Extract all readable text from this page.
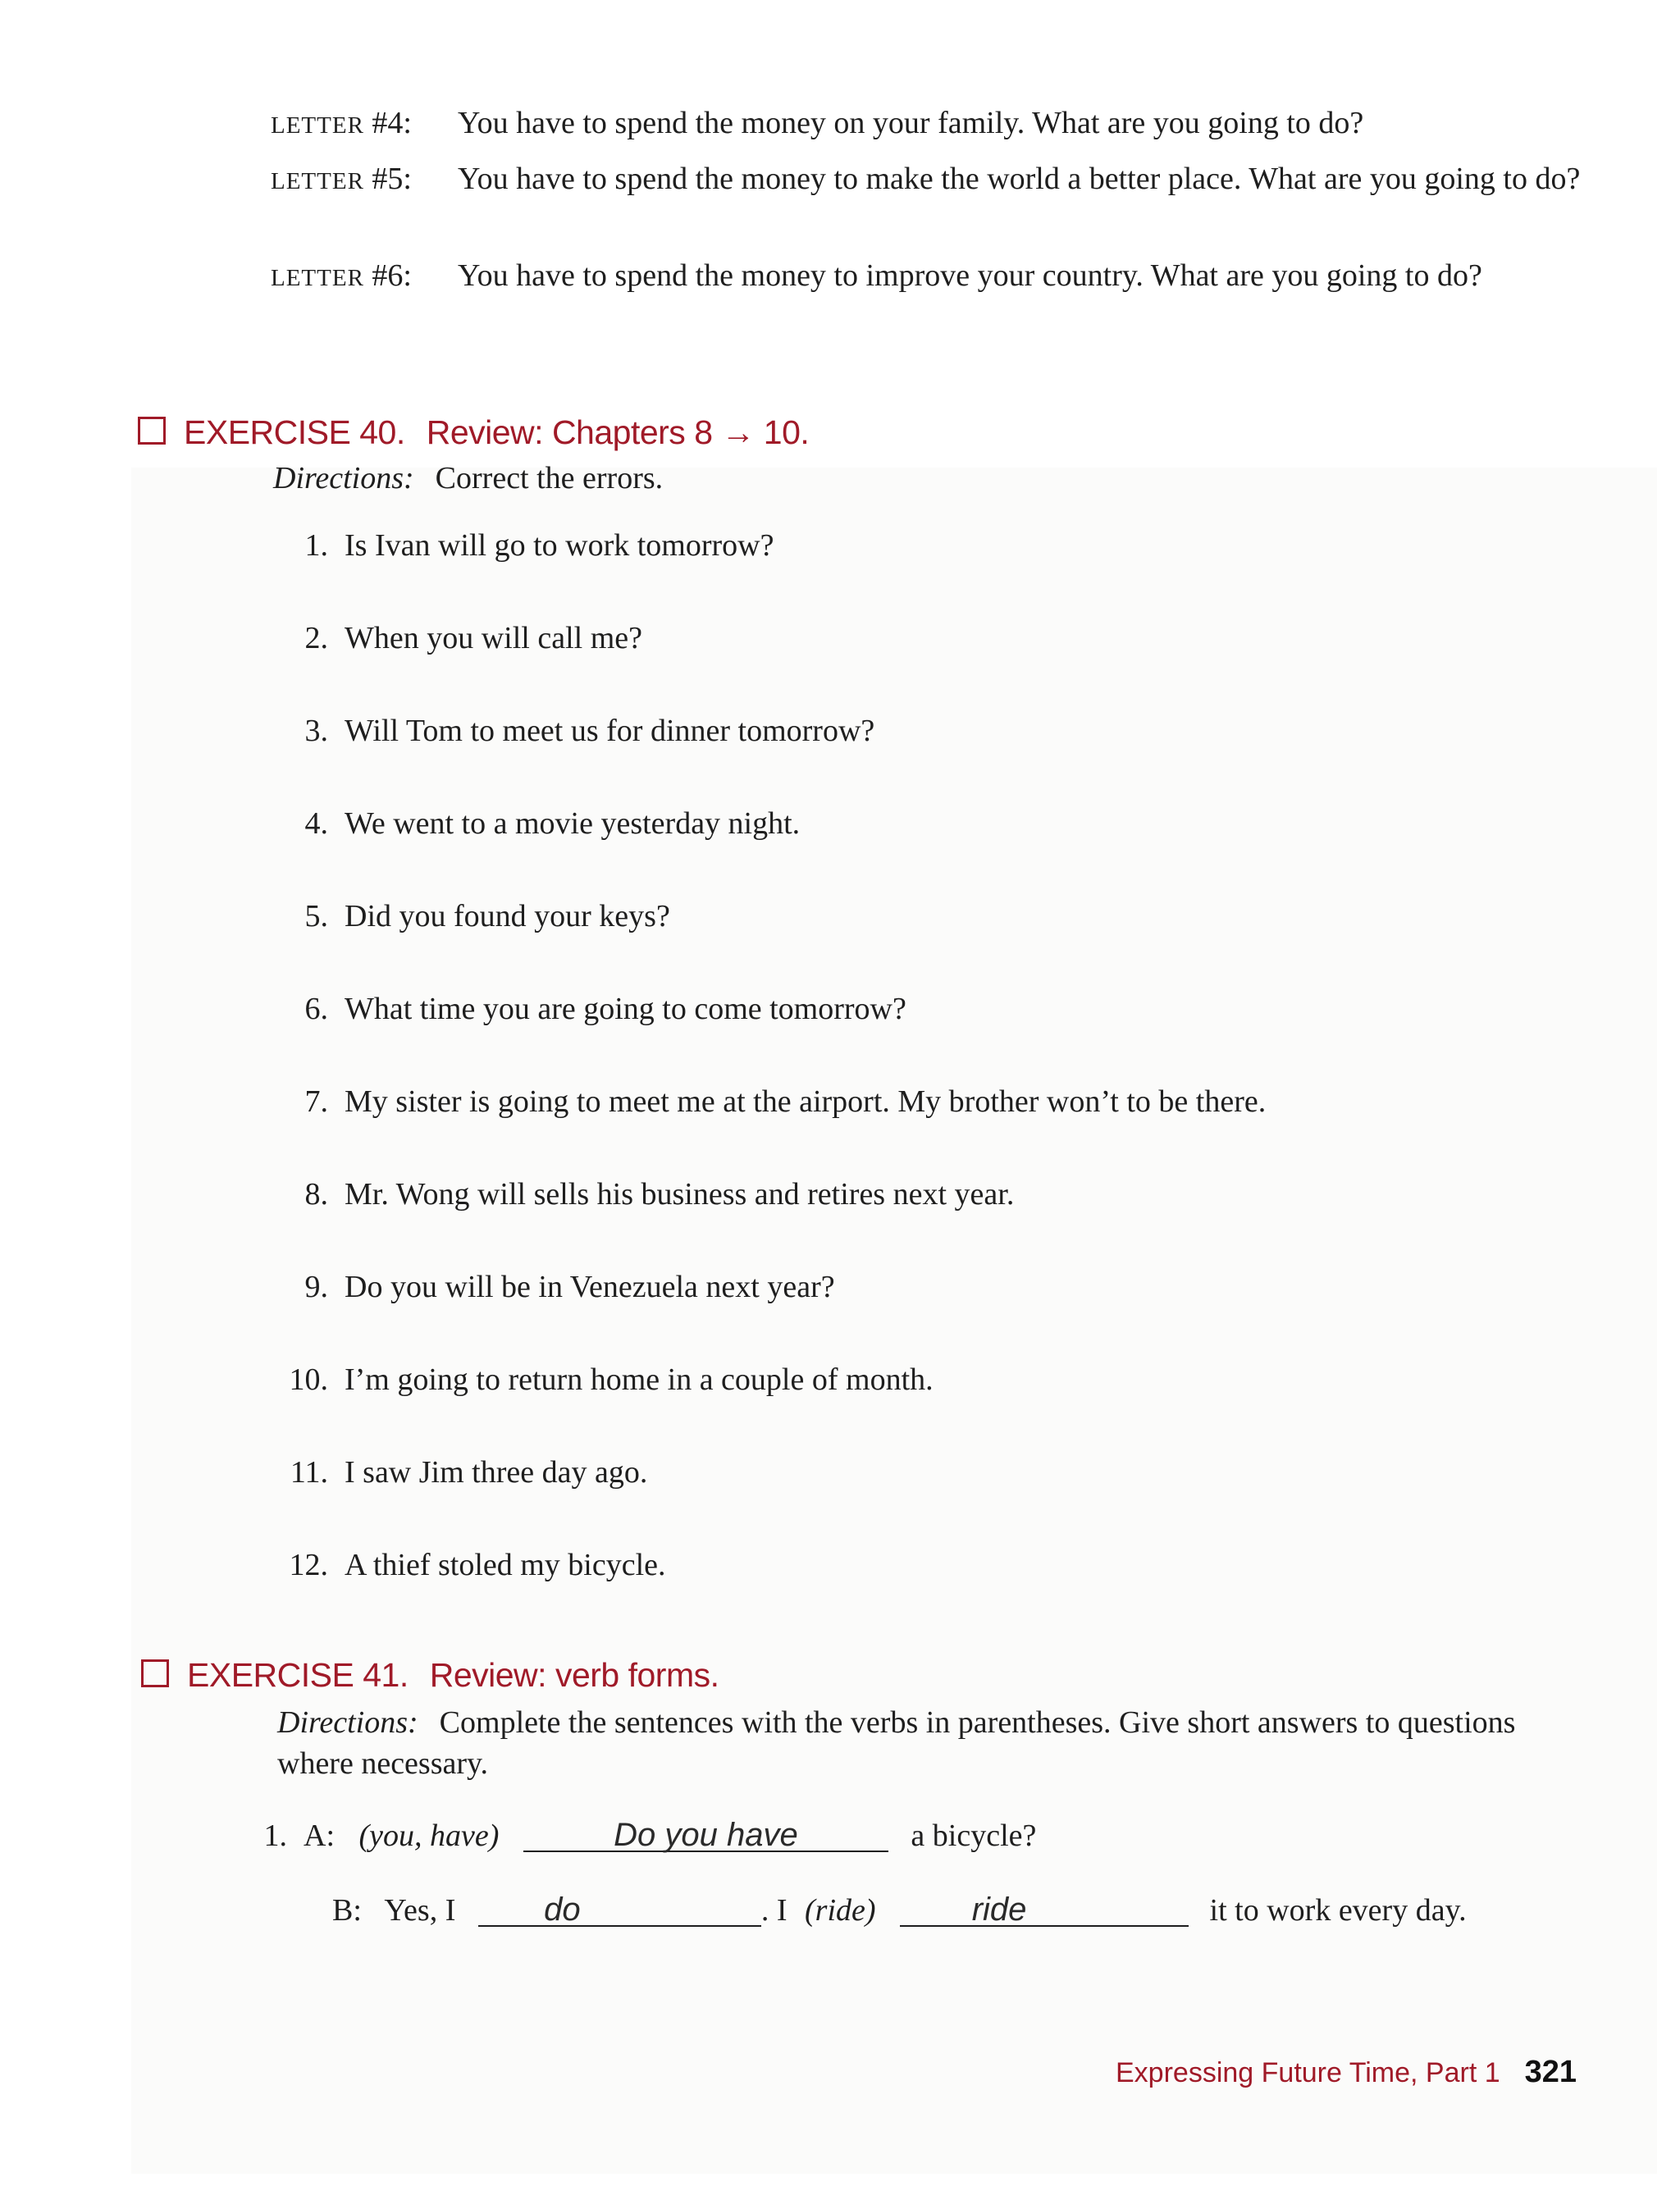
LETTER #4: You have to spend the money on your family. What are you going to do?
LETTER #5: You have to spend the money to make the world a better place. What are you going to do?
LETTER #6: You have to spend the money to improve your country. What are you going to do?
EXERCISE 40. Review: Chapters 8 → 10.
Directions: Correct the errors.
1. Is Ivan will go to work tomorrow?
2. When you will call me?
3. Will Tom to meet us for dinner tomorrow?
4. We went to a movie yesterday night.
5. Did you found your keys?
6. What time you are going to come tomorrow?
7. My sister is going to meet me at the airport. My brother won’t to be there.
8. Mr. Wong will sells his business and retires next year.
9. Do you will be in Venezuela next year?
10. I’m going to return home in a couple of month.
11. I saw Jim three day ago.
12. A thief stoled my bicycle.
EXERCISE 41. Review: verb forms.
Directions: Complete the sentences with the verbs in parentheses. Give short answers to questions where necessary.
1. A: (you, have)	Do you have	a bicycle?
B: Yes, I	do	. I (ride)	ride	it to work every day.
Expressing Future Time, Part 1 321
